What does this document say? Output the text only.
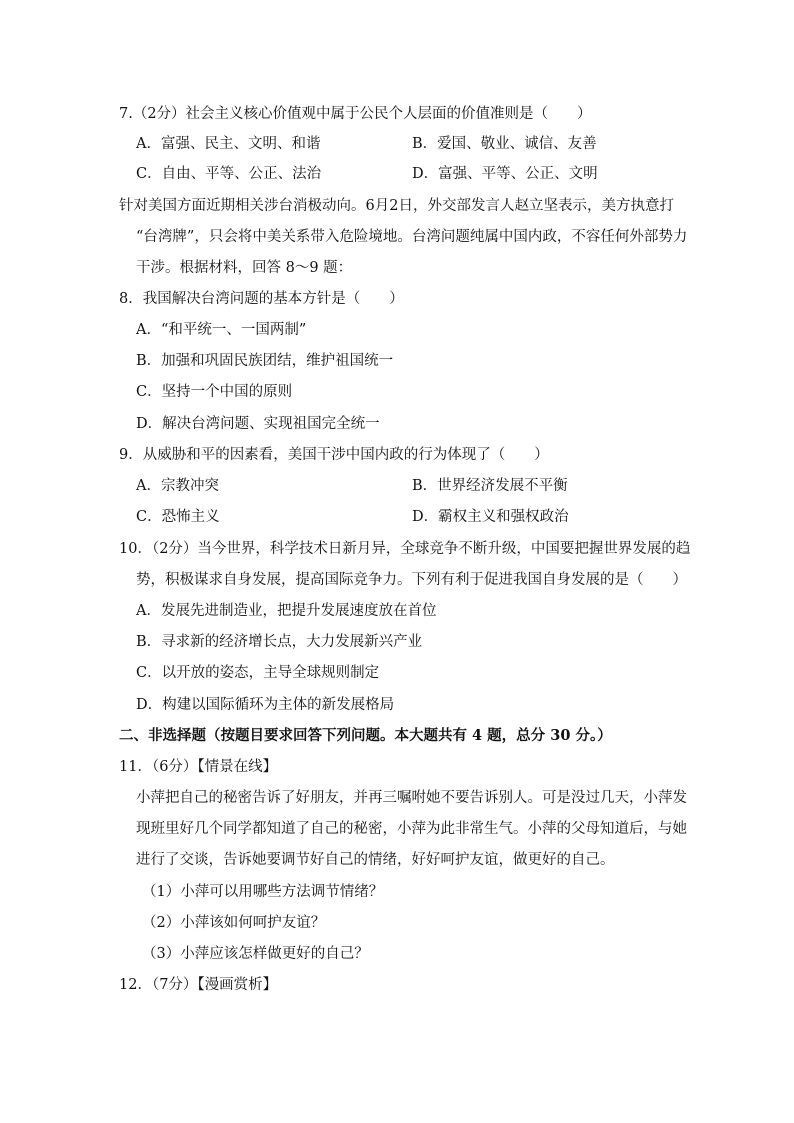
7.（2分）社会主义核心价值观中属于公民个人层面的价值准则是（　　）
A．富强、民主、文明、和谐	B．爱国、敬业、诚信、友善
C．自由、平等、公正、法治	D．富强、平等、公正、文明
针对美国方面近期相关涉台消极动向。6月2日，外交部发言人赵立坚表示，美方执意打
“台湾牌”，只会将中美关系带入危险境地。台湾问题纯属中国内政，不容任何外部势力
干涉。根据材料，回答 8～9 题：
8．我国解决台湾问题的基本方针是（　　）
A．“和平统一、一国两制”
B．加强和巩固民族团结，维护祖国统一
C．坚持一个中国的原则
D．解决台湾问题、实现祖国完全统一
9．从威胁和平的因素看，美国干涉中国内政的行为体现了（　　）
A．宗教冲突	B．世界经济发展不平衡
C．恐怖主义	D．霸权主义和强权政治
10．（2分）当今世界，科学技术日新月异，全球竞争不断升级，中国要把握世界发展的趋
势，积极谋求自身发展，提高国际竞争力。下列有利于促进我国自身发展的是（　　）
A．发展先进制造业，把提升发展速度放在首位
B．寻求新的经济增长点，大力发展新兴产业
C．以开放的姿态，主导全球规则制定
D．构建以国际循环为主体的新发展格局
二、非选择题（按题目要求回答下列问题。本大题共有 4 题，总分 30 分。）
11．（6分）【情景在线】
小萍把自己的秘密告诉了好朋友，并再三嘱咐她不要告诉别人。可是没过几天，小萍发
现班里好几个同学都知道了自己的秘密，小萍为此非常生气。小萍的父母知道后，与她
进行了交谈，告诉她要调节好自己的情绪，好好呵护友谊，做更好的自己。
（1）小萍可以用哪些方法调节情绪？
（2）小萍该如何呵护友谊？
（3）小萍应该怎样做更好的自己？
12．（7分）【漫画赏析】
